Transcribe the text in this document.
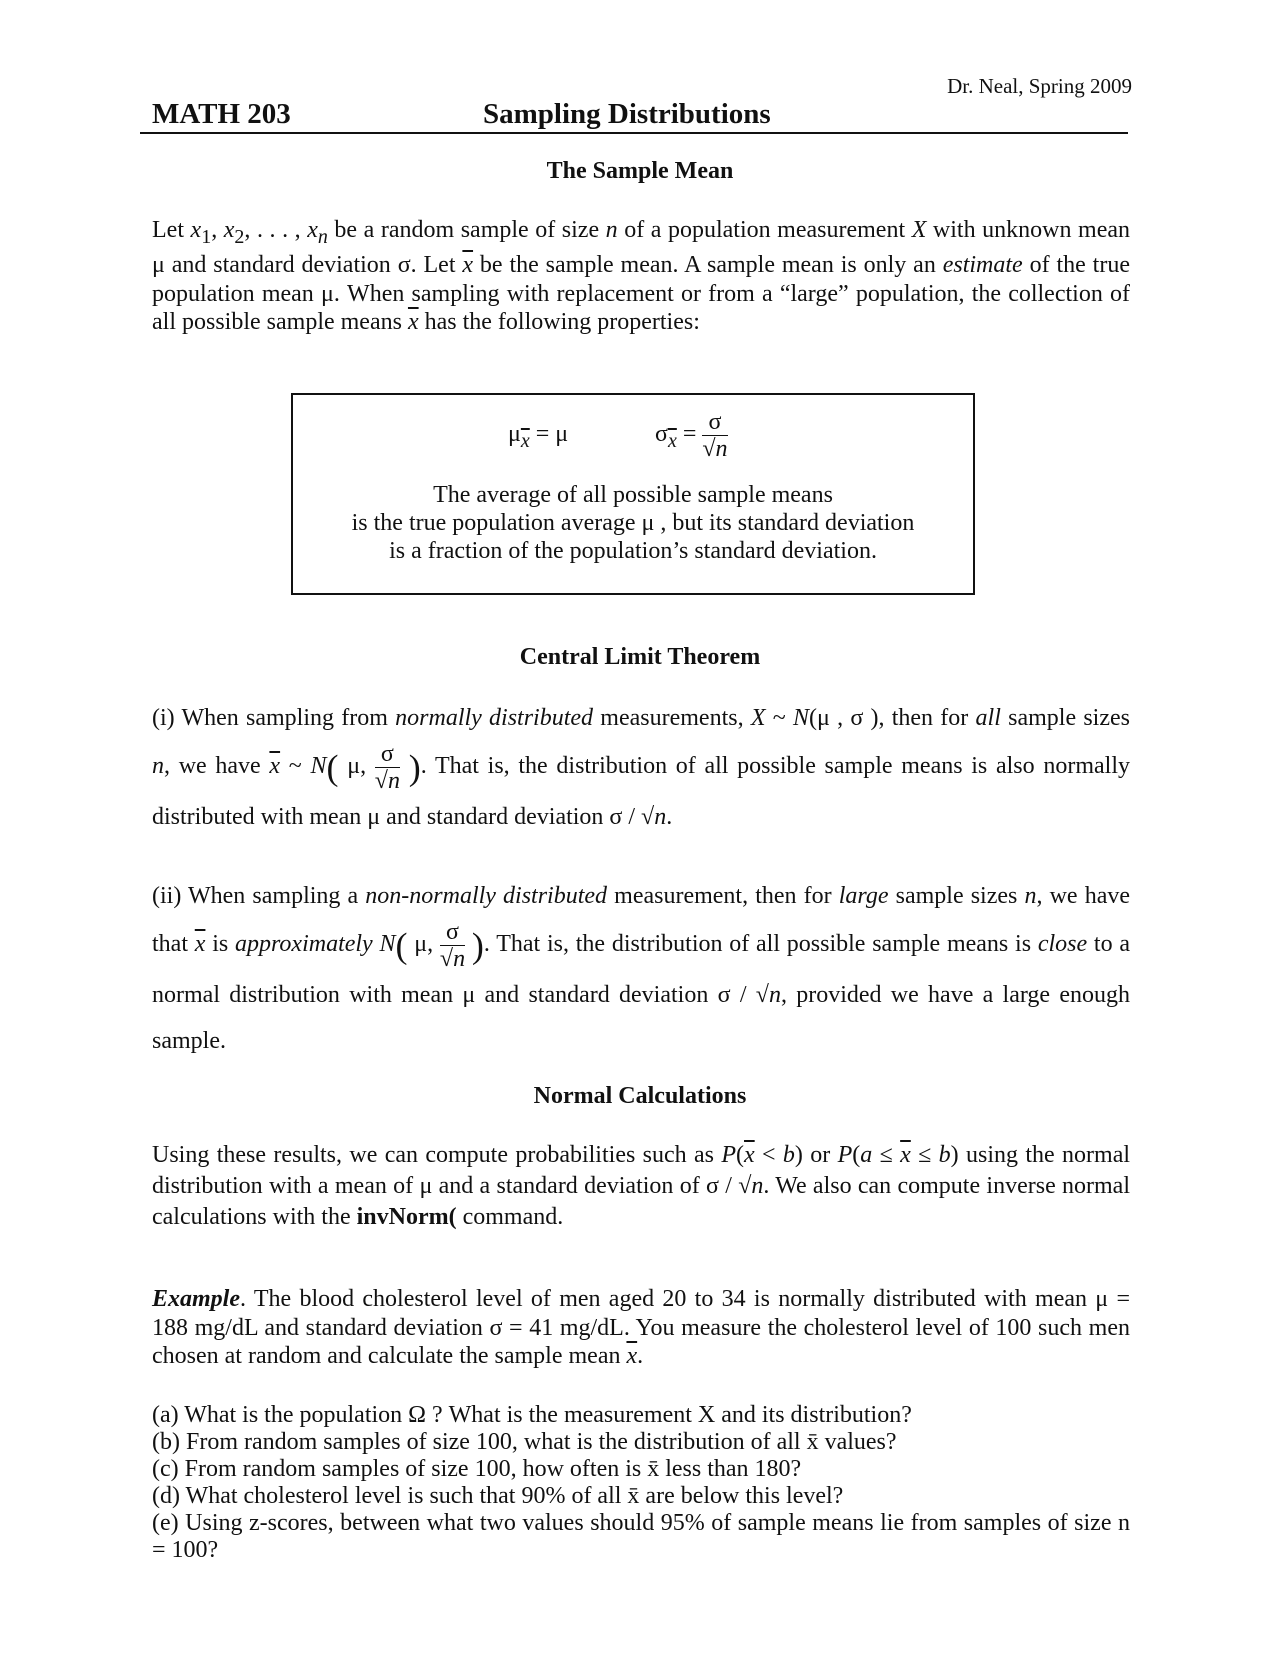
Dr. Neal, Spring 2009
MATH 203	Sampling Distributions
The Sample Mean
Let $x_1$, $x_2$, . . . , $x_n$ be a random sample of size n of a population measurement X with unknown mean μ and standard deviation σ. Let $\overline{x}$ be the sample mean. A sample mean is only an estimate of the true population mean μ. When sampling with replacement or from a “large” population, the collection of all possible sample means $\overline{x}$ has the following properties:
$\mu_{\overline{x}} = \mu$	$\sigma_{\overline{x}} = \frac{\sigma}{√n}$
The average of all possible sample means
is the true population average μ , but its standard deviation
is a fraction of the population’s standard deviation.
Central Limit Theorem
(i) When sampling from normally distributed measurements, X ~ N(μ , σ ), then for all sample sizes n, we have $\overline{x}$ ~ N( μ, $\frac{\sigma}{√n}$ ). That is, the distribution of all possible sample means is also normally distributed with mean μ and standard deviation σ / √n.
(ii) When sampling a non-normally distributed measurement, then for large sample sizes n, we have that $\overline{x}$ is approximately N( μ, $\frac{\sigma}{√n}$ ). That is, the distribution of all possible sample means is close to a normal distribution with mean μ and standard deviation σ / √n, provided we have a large enough sample.
Normal Calculations
Using these results, we can compute probabilities such as $P(\overline{x} < b)$ or $P(a \le \overline{x} \le b)$ using the normal distribution with a mean of μ and a standard deviation of σ / √n. We also can compute inverse normal calculations with the invNorm( command.
Example. The blood cholesterol level of men aged 20 to 34 is normally distributed with mean μ = 188 mg/dL and standard deviation σ = 41 mg/dL. You measure the cholesterol level of 100 such men chosen at random and calculate the sample mean $\overline{x}$.
(a) What is the population Ω ? What is the measurement X and its distribution?
(b) From random samples of size 100, what is the distribution of all x̄ values?
(c) From random samples of size 100, how often is x̄ less than 180?
(d) What cholesterol level is such that 90% of all x̄ are below this level?
(e) Using z-scores, between what two values should 95% of sample means lie from samples of size n = 100?
